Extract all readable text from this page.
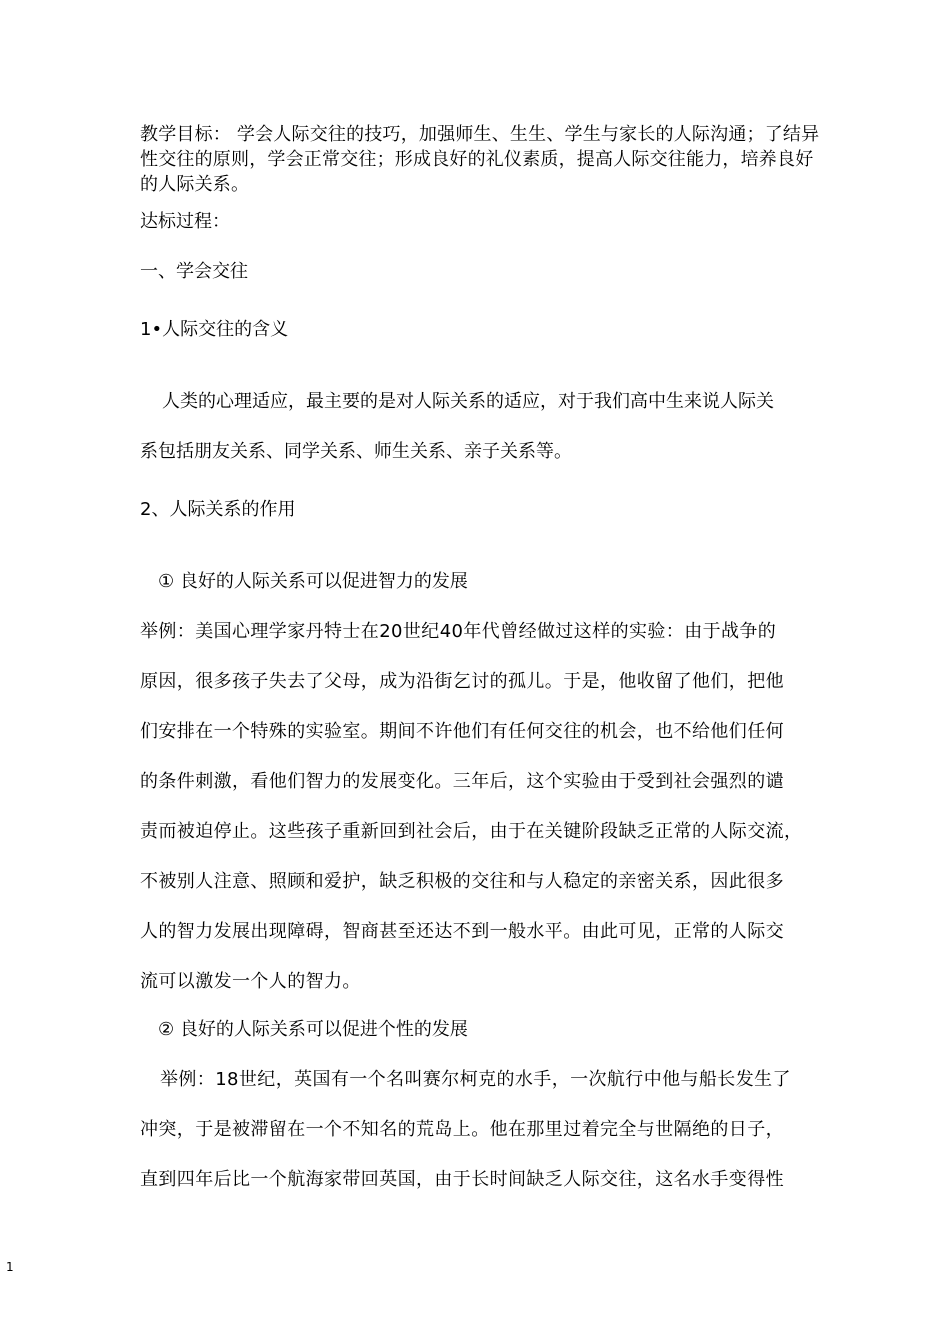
教学目标： 学会人际交往的技巧，加强师生、生生、学生与家长的人际沟通；了结异性交往的原则，学会正常交往；形成良好的礼仪素质，提高人际交往能力，培养良好的人际关系。

达标过程：

一、学会交往

1•人际交往的含义

人类的心理适应，最主要的是对人际关系的适应，对于我们高中生来说人际关

系包括朋友关系、同学关系、师生关系、亲子关系等。

2、人际关系的作用

① 良好的人际关系可以促进智力的发展

举例：美国心理学家丹特士在20世纪40年代曾经做过这样的实验：由于战争的

原因，很多孩子失去了父母，成为沿街乞讨的孤儿。于是，他收留了他们，把他

们安排在一个特殊的实验室。期间不许他们有任何交往的机会，也不给他们任何

的条件刺激，看他们智力的发展变化。三年后，这个实验由于受到社会强烈的谴

责而被迫停止。这些孩子重新回到社会后，由于在关键阶段缺乏正常的人际交流，

不被别人注意、照顾和爱护，缺乏积极的交往和与人稳定的亲密关系，因此很多

人的智力发展出现障碍，智商甚至还达不到一般水平。由此可见，正常的人际交

流可以激发一个人的智力。

② 良好的人际关系可以促进个性的发展

举例：18世纪，英国有一个名叫赛尔柯克的水手，一次航行中他与船长发生了

冲突，于是被滞留在一个不知名的荒岛上。他在那里过着完全与世隔绝的日子，

直到四年后比一个航海家带回英国，由于长时间缺乏人际交往，这名水手变得性

1
